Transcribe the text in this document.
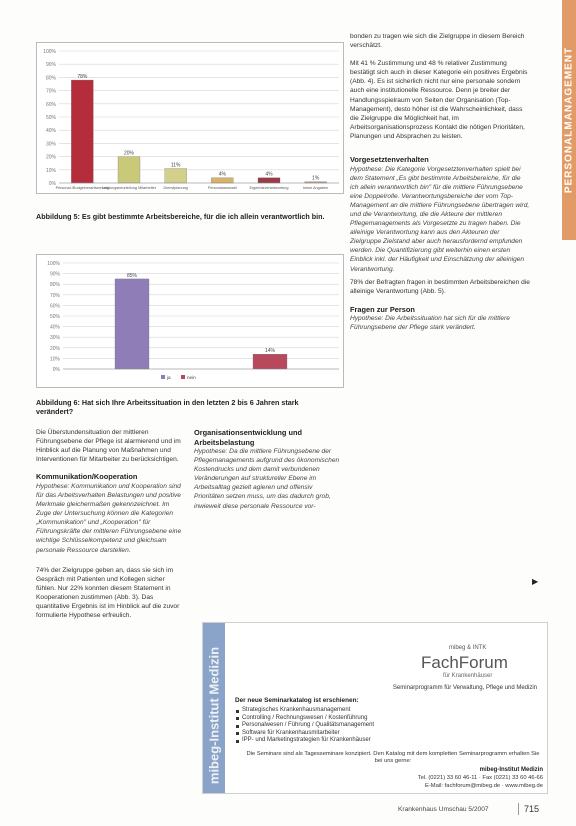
PERSONALMANAGEMENT
0%
10%
20%
30%
40%
50%
60%
70%
80%
90%
100%
78%
Personal-/Budgetverantwortung
20%
Leistungsbeurteilung Mitarbeiter
11%
Dienstplanung
4%
Personalauswahl
4%
Ergebnisverantwortung
1%
keine Angaben
Abbildung 5: Es gibt bestimmte Arbeitsbereiche, für die ich allein verantwortlich bin.
0%
10%
20%
30%
40%
50%
60%
70%
80%
90%
100%
85%
14%
ja	nein
Abbildung 6: Hat sich Ihre Arbeitssituation in den letzten 2 bis 6 Jahren stark verändert?

bonden zu tragen wie sich die Zielgruppe in diesem Bereich verschätzt.

Mit 41 % Zustimmung und 48 % relativer Zustimmung bestätigt sich auch in dieser Kategorie ein positives Ergebnis (Abb. 4). Es ist sicherlich nicht nur eine personale sondern auch eine institutionelle Ressource. Denn je breiter der Handlungsspielraum von Seiten der Organisation (Top-Management), desto höher ist die Wahrscheinlichkeit, dass die Zielgruppe die Möglichkeit hat, im Arbeitsorganisationsprozess Kontakt die nötigen Prioritäten, Planungen und Absprachen zu leisten.

Vorgesetztenverhalten

Hypothese: Die Kategorie Vorgesetztenverhalten spielt bei dem Statement „Es gibt bestimmte Arbeitsbereiche, für die ich allein verantwortlich bin" für die mittlere Führungsebene eine Doppelrolle. Verantwortungsbereiche der vom Top-Management an die mittlere Führungsebene übertragen wird, und die Verantwortung, die die Akteure der mittleren Pflegemanagements als Vorgesetzte zu tragen haben. Die alleinige Verantwortung kann aus den Akteuren der Zielgruppe Zielstand aber auch herausfordernd empfunden werden. Die Quantifizierung gibt weiterhin einen ersten Einblick inkl. der Häufigkeit und Einschätzung der alleinigen Verantwortung.

78% der Befragten fragen in bestimmten Arbeitsbereichen die alleinige Verantwortung (Abb. 5).

Fragen zur Person

Hypothese: Die Arbeitssituation hat sich für die mittlere Führungsebene der Pflege stark verändert.

▶

Die Überstundensituation der mittleren Führungsebene der Pflege ist alarmierend und im Hinblick auf die Planung von Maßnahmen und Interventionen für Mitarbeiter zu berücksichtigen.

Kommunikation/Kooperation

Hypothese: Kommunikation und Kooperation sind für das Arbeitsverhalten Belastungen und positive Merkmale gleichermaßen gekennzeichnet. Im Zuge der Untersuchung können die Kategorien „Kommunikation" und „Kooperation" für Führungskräfte der mittleren Führungsebene eine wichtige Schlüsselkompetenz und gleichsam personale Ressource darstellen.

74% der Zielgruppe geben an, dass sie sich im Gespräch mit Patienten und Kollegen sicher fühlen. Nur 22% konnten diesem Statement in Kooperationen zustimmen (Abb. 3). Das quantitative Ergebnis ist im Hinblick auf die zuvor formulierte Hypothese erfreulich.

Organisationsentwicklung und Arbeitsbelastung

Hypothese: Da die mittlere Führungsebene der Pflegemanagements aufgrund des ökonomischen Kostendrucks und dem damit verbundenen Veränderungen auf struktureller Ebene im Arbeitsalltag gezielt agieren und offensiv Prioritäten setzen muss, um das dadurch grob, inwieweit diese personale Ressource vor-

mibeg-Institut Medizin	mibeg & INTK
FachForum
für Krankenhäuser
Seminarprogramm für Verwaltung, Pflege und Medizin
Der neue Seminarkatalog ist erschienen:
Strategisches Krankenhausmanagement
Controlling / Rechnungswesen / Kostenführung
Personalwesen / Führung / Qualitätsmanagement
Software für Krankenhausmitarbeiter
IPP- und Marketingstrategien für Krankenhäuser
Die Seminare sind als Tagesseminare konzipiert. Den Katalog mit dem kompletten Seminarprogramm erhalten Sie bei uns gerne:
mibeg-Institut Medizin
Tel. (0221) 33 60 46-11 · Fax (0221) 33 60 46-66
E-Mail: fachforum@mibeg.de · www.mibeg.de
Krankenhaus Umschau 5/2007	715
